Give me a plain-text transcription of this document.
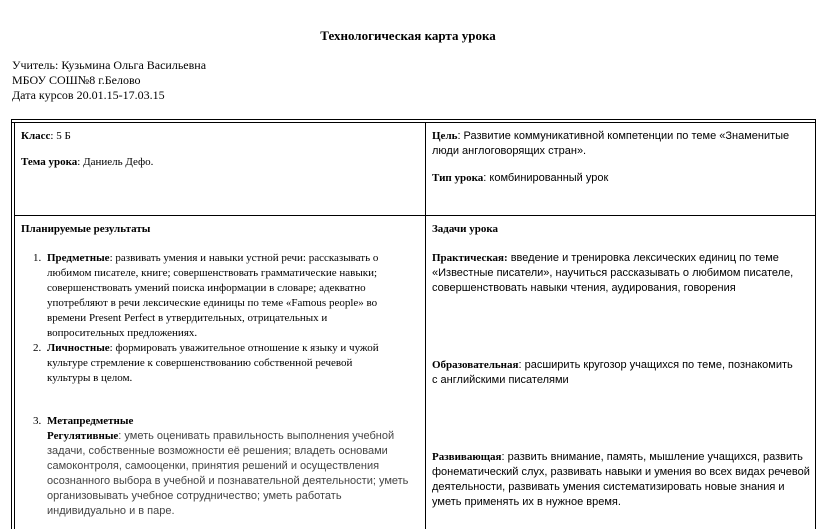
Технологическая карта урока
Учитель: Кузьмина Ольга Васильевна
МБОУ СОШ№8 г.Белово
Дата курсов 20.01.15-17.03.15
Класс: 5 Б
Тема урока: Даниель Дефо.
Цель: Развитие коммуникативной компетенции по теме «Знаменитые
люди англоговорящих стран».
Тип урока: комбинированный урок
Планируемые результаты
1. Предметные: развивать умения и навыки устной речи: рассказывать о
любимом писателе, книге; совершенствовать грамматические навыки;
совершенствовать умений поиска информации в словаре; адекватно
употребляют в речи лексические единицы по теме «Famous people» во
времени Present Perfect в утвердительных, отрицательных и
вопросительных предложениях.
2. Личностные: формировать уважительное отношение к языку и чужой
культуре стремление к совершенствованию собственной речевой
культуры в целом.
3. Метапредметные
Регулятивные: уметь оценивать правильность выполнения учебной
задачи, собственные возможности её решения; владеть основами
самоконтроля, самооценки, принятия решений и осуществления
осознанного выбора в учебной и познавательной деятельности; уметь
организовывать учебное сотрудничество; уметь работать
индивидуально и в паре.
Задачи урока
Практическая: введение и тренировка лексических единиц по теме
«Известные писатели», научиться рассказывать о любимом писателе,
совершенствовать навыки чтения, аудирования, говорения
Образовательная: расширить кругозор учащихся по теме, познакомить
с английскими писателями
Развивающая: развить внимание, память, мышление учащихся, развить
фонематический слух, развивать навыки и умения во всех видах речевой
деятельности, развивать умения систематизировать новые знания и
уметь применять их в нужное время.
